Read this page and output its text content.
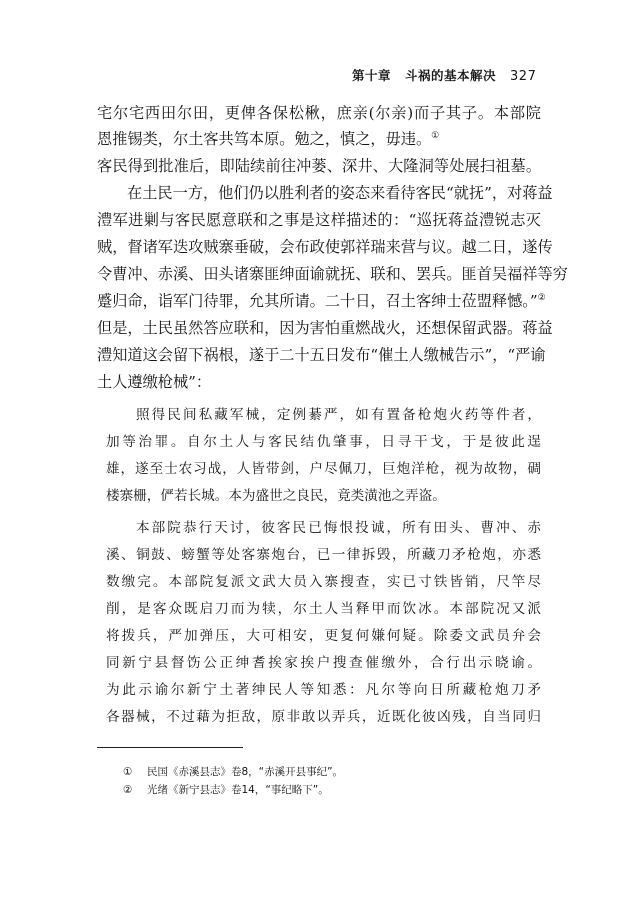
第十章 斗祸的基本解决 327
宅尔宅西田尔田，更俾各保松楸，庶亲(尔亲)而子其子。本部院
恩推锡类，尔土客共笃本原。勉之，慎之，毋违。①
客民得到批准后，即陆续前往冲蒌、深井、大隆洞等处展扫祖墓。
在土民一方，他们仍以胜利者的姿态来看待客民“就抚”，对蒋益
澧军进剿与客民愿意联和之事是这样描述的：“巡抚蒋益澧锐志灭
贼，督诸军迭攻贼寨垂破，会布政使郭祥瑞来营与议。越二日，遂传
令曹冲、赤溪、田头诸寨匪绅面谕就抚、联和、罢兵。匪首吴福祥等穷
蹙归命，诣军门待罪，允其所请。二十日，召土客绅士莅盟释憾。”②
但是，土民虽然答应联和，因为害怕重燃战火，还想保留武器。蒋益
澧知道这会留下祸根，遂于二十五日发布“催土人缴械告示”，“严谕
土人遵缴枪械”：
照得民间私藏军械，定例綦严，如有置备枪炮火药等件者，
加等治罪。自尔土人与客民结仇肇事，日寻干戈，于是彼此逞
雄，遂至士农习战，人皆带剑，户尽佩刀，巨炮洋枪，视为故物，碉
楼寨栅，俨若长城。本为盛世之良民，竟类潢池之弄盗。
本部院恭行天讨，彼客民已悔恨投诚，所有田头、曹冲、赤
溪、铜鼓、螃蟹等处客寨炮台，已一律拆毁，所藏刀矛枪炮，亦悉
数缴完。本部院复派文武大员入寨搜查，实已寸铁皆销，尺竿尽
削，是客众既启刀而为犊，尔土人当释甲而饮冰。本部院况又派
将拨兵，严加弹压，大可相安，更复何嫌何疑。除委文武员弁会
同新宁县督饬公正绅耆挨家挨户搜查催缴外，合行出示晓谕。
为此示谕尔新宁土著绅民人等知悉：凡尔等向日所藏枪炮刀矛
各器械，不过藉为拒敌，原非敢以弄兵，近既化彼凶残，自当同归
① 民国《赤溪县志》卷8，“赤溪开县事纪”。
② 光绪《新宁县志》卷14，“事纪略下”。
